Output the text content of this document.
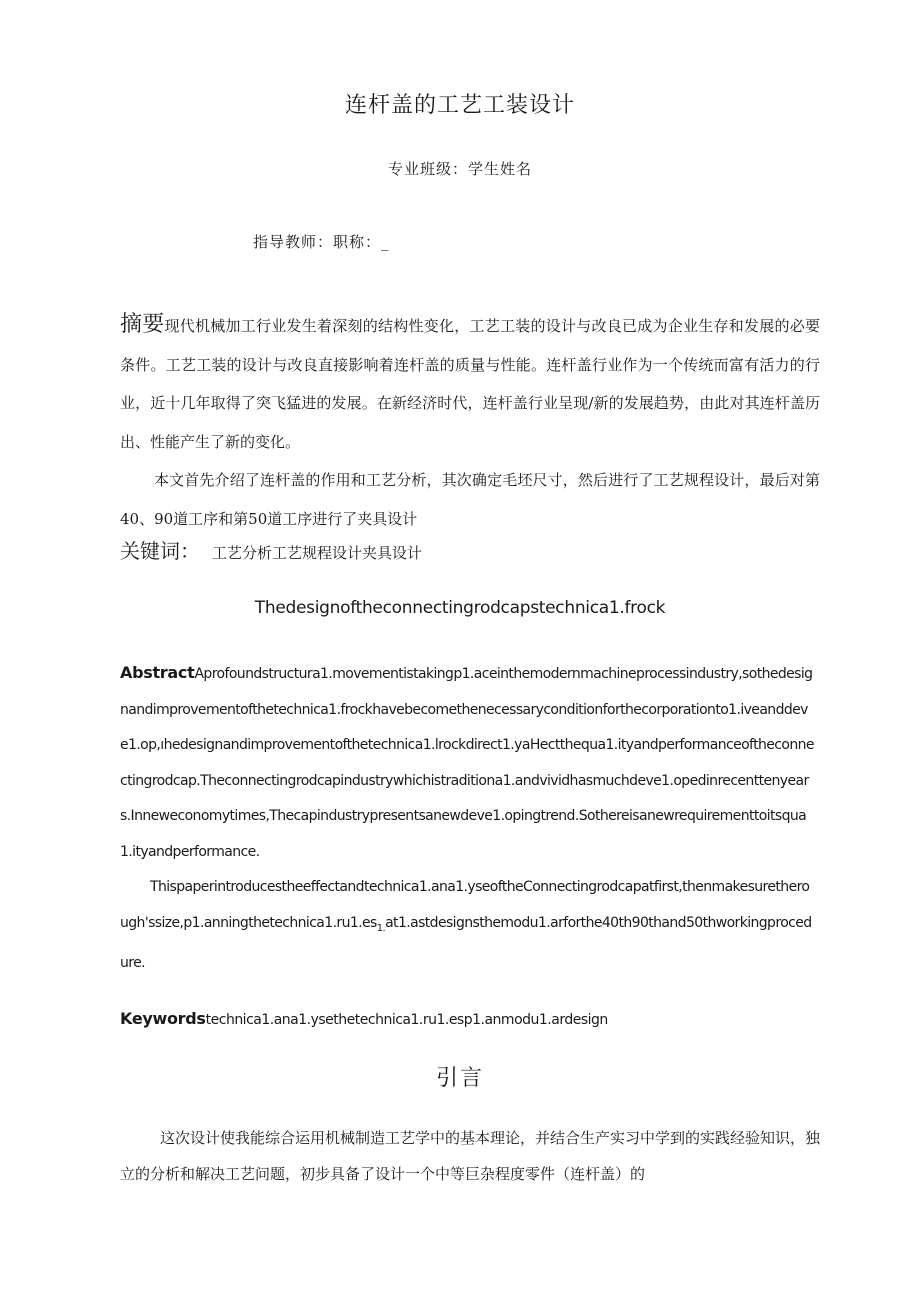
连杆盖的工艺工装设计
专业班级：学生姓名
指导教师：职称：_

摘要现代机械加工行业发生着深刻的结构性变化，工艺工装的设计与改良已成为企业生存和发展的必要条件。工艺工装的设计与改良直接影响着连杆盖的质量与性能。连杆盖行业作为一个传统而富有活力的行业，近十几年取得了突飞猛进的发展。在新经济时代，连杆盖行业呈现/新的发展趋势，由此对其连杆盖历出、性能产生了新的变化。

本文首先介绍了连杆盖的作用和工艺分析，其次确定毛坯尺寸，然后进行了工艺规程设计，最后对第40、90道工序和第50道工序进行了夹具设计

关键词： 工艺分析工艺规程设计夹具设计
Thedesignoftheconnectingrodcapstechnica1.frock

AbstractAprofoundstructura1.movementistakingp1.aceinthemodernmachineprocessindustry,sothedesignandimprovementofthetechnica1.frockhavebecomethenecessaryconditionforthecorporationto1.iveanddeve1.op,ıhedesignandimprovementofthetechnica1.lrockdirect1.yaHectthequa1.ityandperformanceoftheconnectingrodcap.Theconnectingrodcapindustrywhichistraditiona1.andvividhasmuchdeve1.opedinrecenttenyears.Inneweconomytimes,Thecapindustrypresentsanewdeve1.opingtrend.Sothereisanewrequirementtoitsqua1.ityandperformance.

Thispaperintroducestheeffectandtechnica1.ana1.yseoftheConnectingrodcapatfirst,thenmakesuretherough'ssize,p1.anningthetec$hnica1.ru1.es_{1.}at1.astdesignsthemodu1.arforthe40th90thand50thworkingprocedure$.

Keywordstechnica1.ana1.ysethetechnica1.ru1.esp1.anmodu1.ardesign
引言

这次设计使我能综合运用机械制造工艺学中的基本理论，并结合生产实习中学到的实践经验知识，独立的分析和解决工艺问题，初步具备了设计一个中等巨杂程度零件（连杆盖）的
